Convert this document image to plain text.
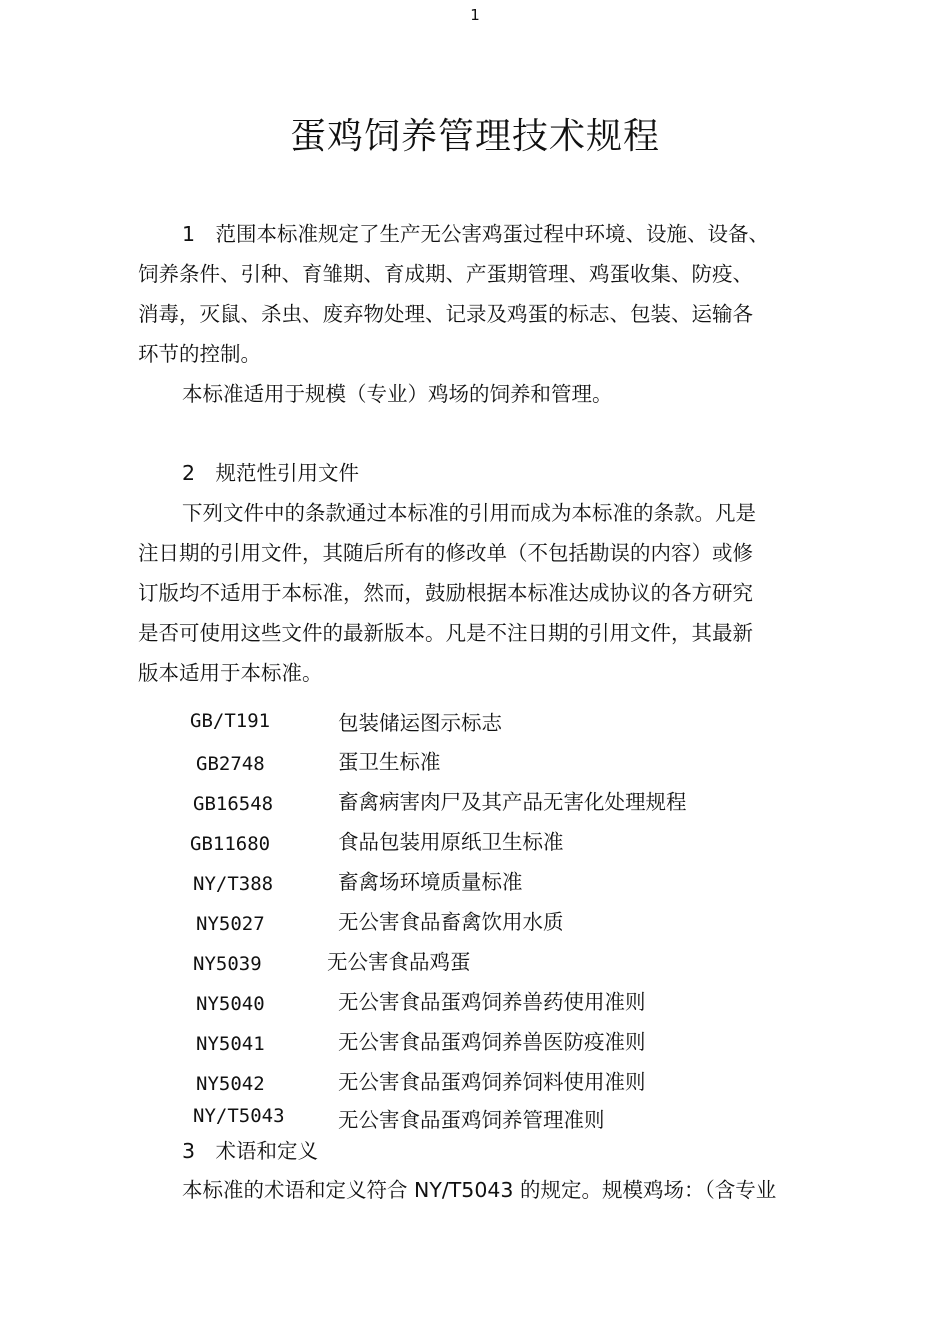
1
蛋鸡饲养管理技术规程
1　范围本标准规定了生产无公害鸡蛋过程中环境、设施、设备、
饲养条件、引种、育雏期、育成期、产蛋期管理、鸡蛋收集、防疫、
消毒，灭鼠、杀虫、废弃物处理、记录及鸡蛋的标志、包装、运输各
环节的控制。
本标准适用于规模（专业）鸡场的饲养和管理。
2　规范性引用文件
下列文件中的条款通过本标准的引用而成为本标准的条款。凡是
注日期的引用文件，其随后所有的修改单（不包括勘误的内容）或修
订版均不适用于本标准，然而，鼓励根据本标准达成协议的各方研究
是否可使用这些文件的最新版本。凡是不注日期的引用文件，其最新
版本适用于本标准。
GB/T191	包装储运图示标志
GB2748	蛋卫生标准
GB16548	畜禽病害肉尸及其产品无害化处理规程
GB11680	食品包装用原纸卫生标准
NY/T388	畜禽场环境质量标准
NY5027	无公害食品畜禽饮用水质
NY5039	无公害食品鸡蛋
NY5040	无公害食品蛋鸡饲养兽药使用准则
NY5041	无公害食品蛋鸡饲养兽医防疫准则
NY5042	无公害食品蛋鸡饲养饲料使用准则
NY/T5043	无公害食品蛋鸡饲养管理准则
3　术语和定义
本标准的术语和定义符合 NY/T5043 的规定。规模鸡场：（含专业
